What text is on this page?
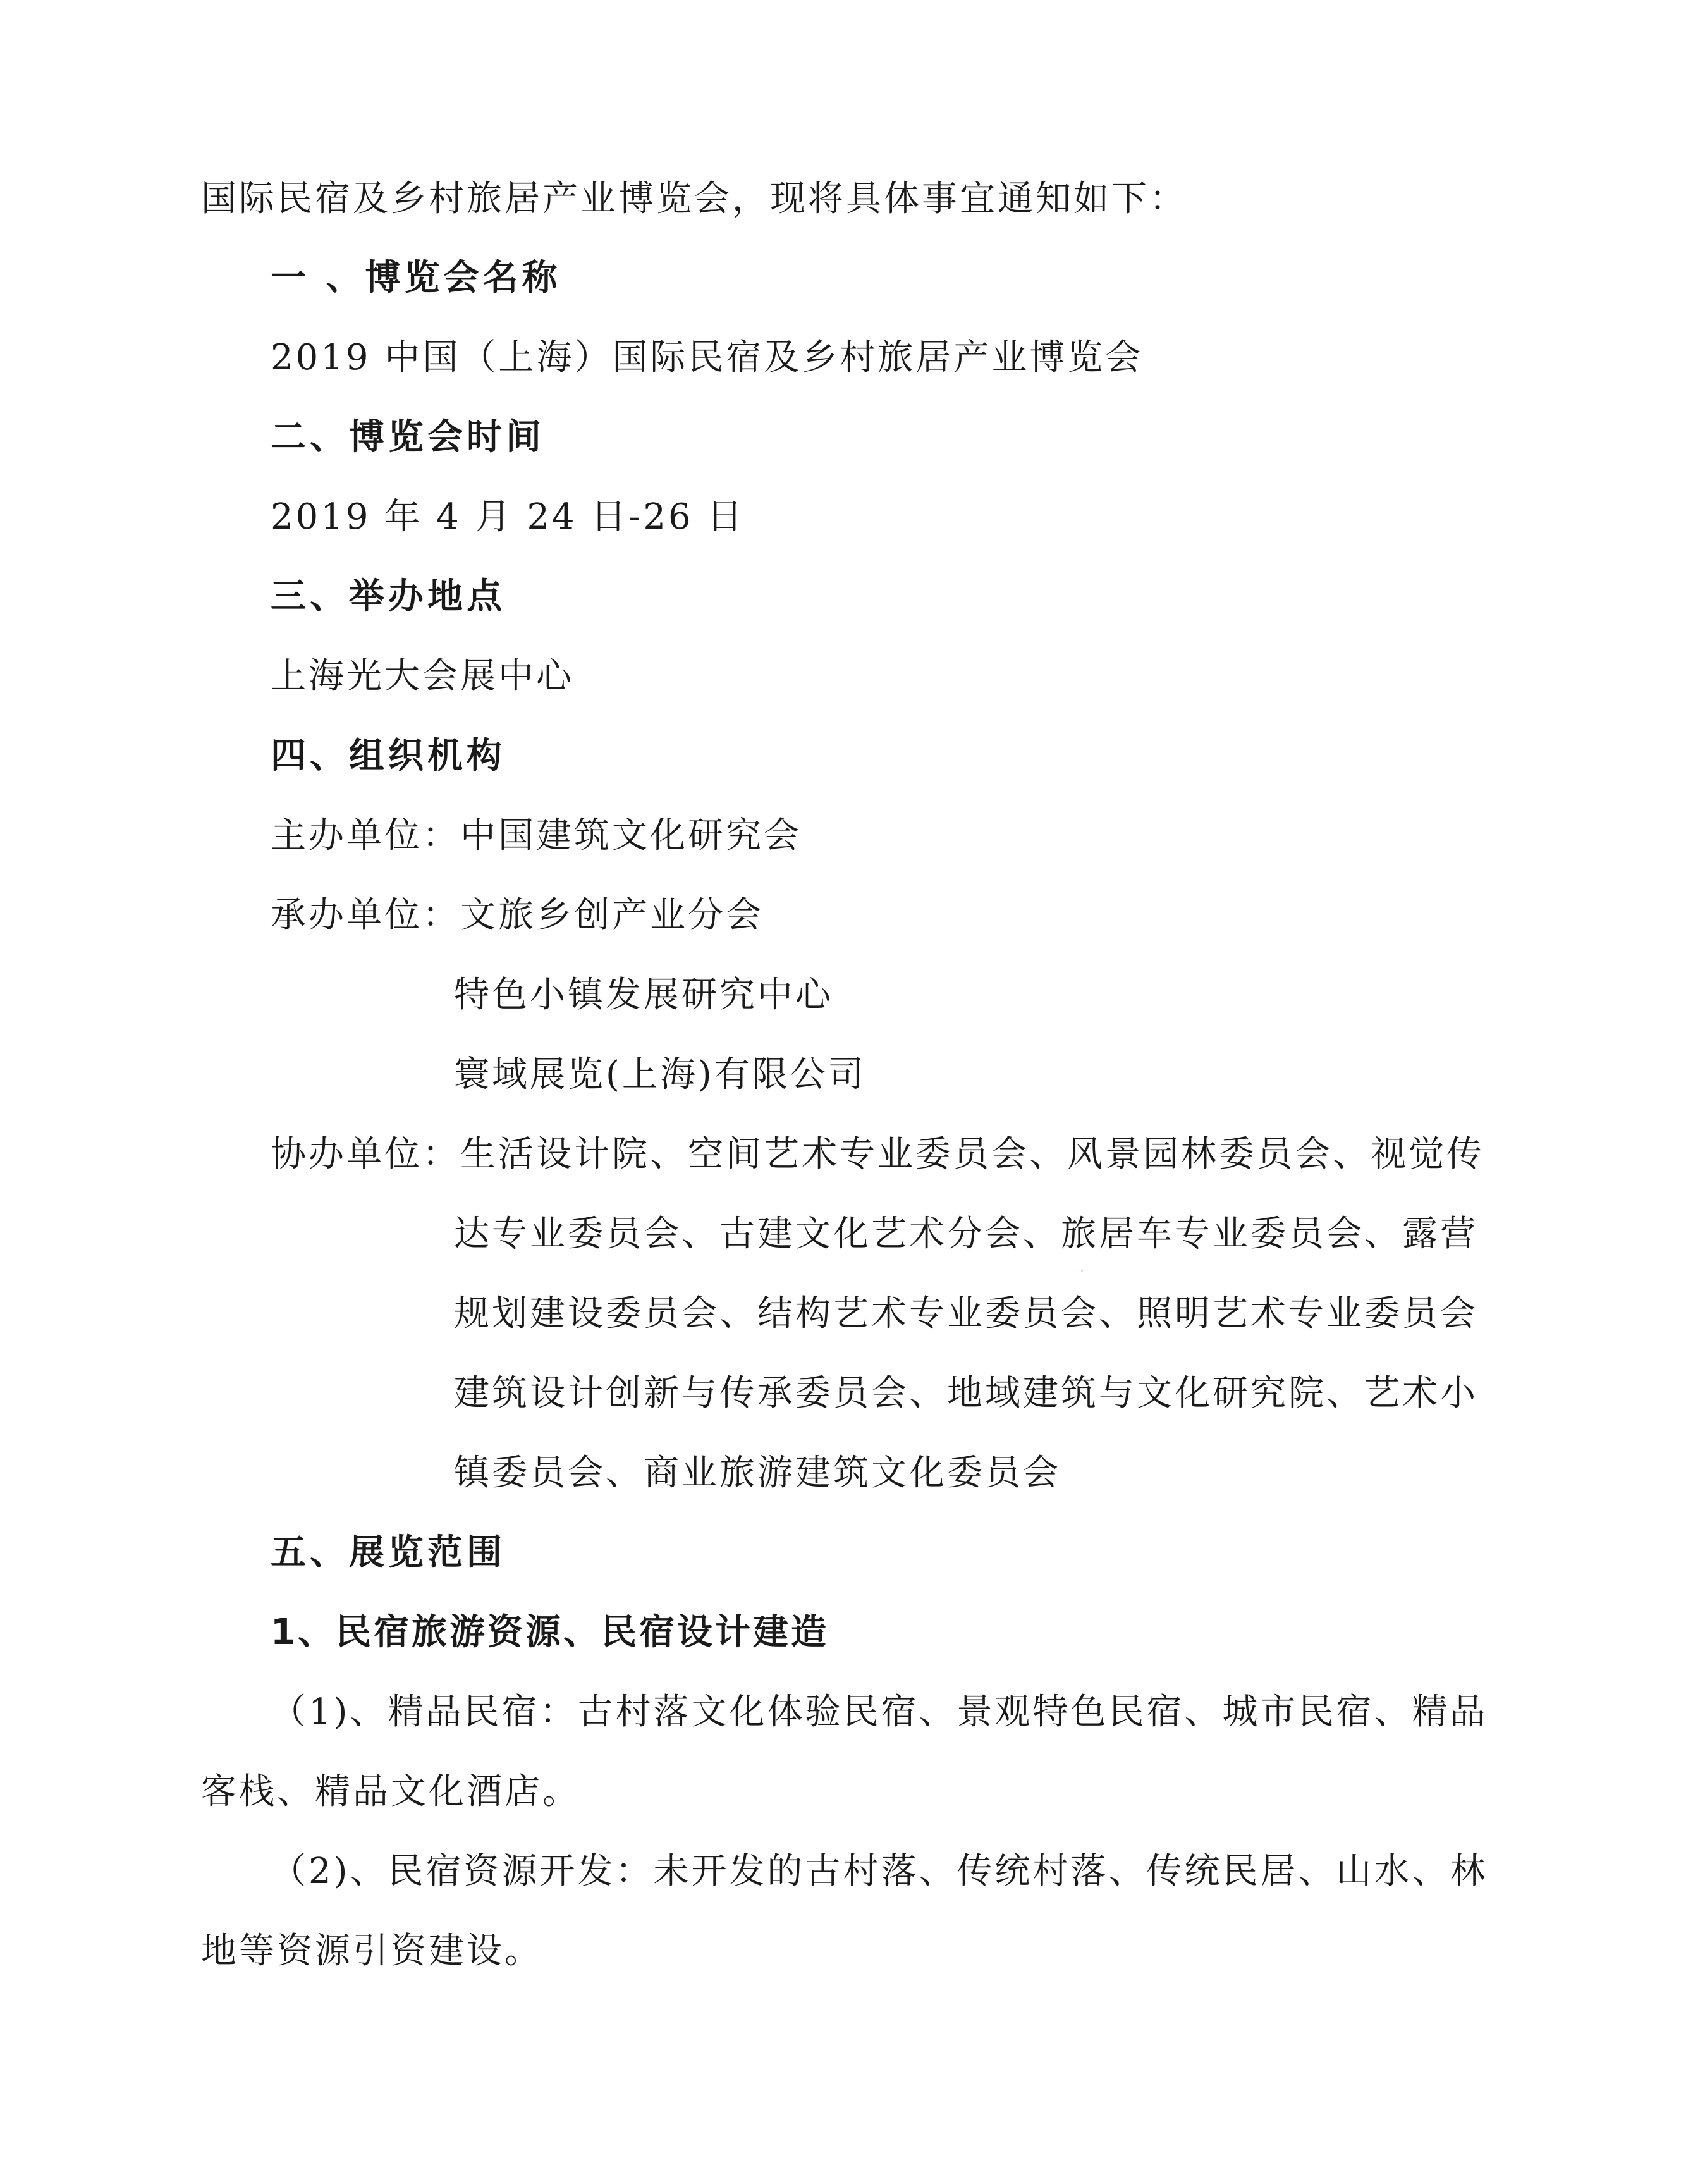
国际民宿及乡村旅居产业博览会，现将具体事宜通知如下：
一 、博览会名称
2019 中国（上海）国际民宿及乡村旅居产业博览会
二、博览会时间
2019 年 4 月 24 日-26 日
三、举办地点
上海光大会展中心
四、组织机构
主办单位：中国建筑文化研究会
承办单位：文旅乡创产业分会
特色小镇发展研究中心
寰域展览(上海)有限公司
协办单位：生活设计院、空间艺术专业委员会、风景园林委员会、视觉传
达专业委员会、古建文化艺术分会、旅居车专业委员会、露营
规划建设委员会、结构艺术专业委员会、照明艺术专业委员会
建筑设计创新与传承委员会、地域建筑与文化研究院、艺术小
镇委员会、商业旅游建筑文化委员会
五、展览范围
1、民宿旅游资源、民宿设计建造
（1)、精品民宿：古村落文化体验民宿、景观特色民宿、城市民宿、精品
客栈、精品文化酒店。
（2)、民宿资源开发：未开发的古村落、传统村落、传统民居、山水、林
地等资源引资建设。
